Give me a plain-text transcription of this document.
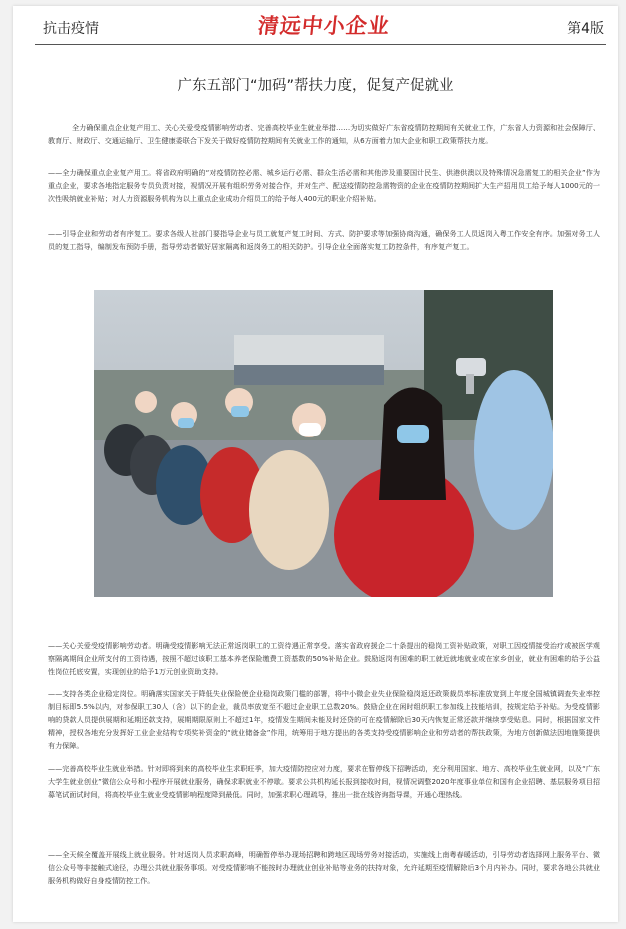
抗击疫情	清远中小企业	第4版
广东五部门“加码”帮扶力度，促复产促就业

全力确保重点企业复产用工、关心关爱受疫情影响劳动者、完善高校毕业生就业举措……为切实做好广东省疫情防控期间有关就业工作，广东省人力资源和社会保障厅、教育厅、财政厅、交通运输厅、卫生健康委联合下发关于做好疫情防控期间有关就业工作的通知，从6方面着力加大企业和职工政策帮扶力度。

——全力确保重点企业复产用工。将省政府明确的“对疫情防控必需、城乡运行必需、群众生活必需和其他涉及重要国计民生、供港供澳以及特殊情况急需复工的相关企业”作为重点企业，要求各地指定服务专员负责对接，视情况开展有组织劳务对接合作，并对生产、配送疫情防控急需物资的企业在疫情防控期间扩大生产招用员工给予每人1000元的一次性吸纳就业补贴；对人力资源服务机构为以上重点企业成功介绍员工的给予每人400元的职业介绍补贴。

——引导企业和劳动者有序复工。要求各级人社部门要指导企业与员工就复产复工时间、方式、防护要求等加强协商沟通，确保务工人员返岗入粤工作安全有序。加强对务工人员的复工指导，编制发布预防手册，指导劳动者做好居家隔离和返岗务工的相关防护。引导企业全面落实复工防控条件，有序复产复工。

——关心关爱受疫情影响劳动者。明确受疫情影响无法正常返岗职工的工资待遇正常享受。落实省政府援企二十条提出的稳岗工资补贴政策，对职工因疫情接受治疗或被医学观察隔离期间企业所支付的工资待遇，按照不超过该职工基本养老保险缴费工资基数的50%补贴企业。鼓励返岗有困难的职工就近就地就业或在家乡创业，就业有困难的给予公益性岗位托底安置，实现创业的给予1万元创业资助支持。

——支持各类企业稳定岗位。明确落实国家关于降低失业保险使企业稳岗政策门槛的部署，将中小微企业失业保险稳岗返还政策裁员率标准放宽到上年度全国城镇调查失业率控制目标即5.5%以内，对参保职工30人（含）以下的企业，裁员率放宽至不超过企业职工总数20%。鼓励企业在闲时组织职工参加线上技能培训，按规定给予补贴。为受疫情影响的贷款人员提供展期和延期还款支持，展期期限原则上不超过1年，疫情发生期间未能及时还贷的可在疫情解除后30天内恢复正常还款并继续享受贴息。同时，根据国家文件精神，授权各地充分发挥好工业企业结构专项奖补资金的“就业储备金”作用，统筹用于地方提出的各类支持受疫情影响企业和劳动者的帮扶政策，为地方创新做法因地施策提供有力保障。

——完善高校毕业生就业举措。针对即将到来的高校毕业生求职旺季，加大疫情防控应对力度，要求在暂停线下招聘活动，充分利用国家、地方、高校毕业生就业网，以及“广东大学生就业创业”微信公众号和小程序开展就业服务，确保求职就业不停歇。要求公共机构延长报到接收时间，视情况调整2020年度事业单位和国有企业招聘、基层服务项目招募笔试面试时间，将高校毕业生就业受疫情影响程度降到最低。同时，加强求职心理疏导，推出一批在线咨询指导课，开通心理热线。

——全天候全覆盖开展线上就业服务。针对返岗人员求职高峰，明确暂停举办现场招聘和跨地区现场劳务对接活动，实施线上南粤春暖活动，引导劳动者选择网上服务平台、微信公众号等非接触式途径，办理公共就业服务事项。对受疫情影响不能按时办理就业创业补贴等业务的扶持对象，允许延期至疫情解除后3个月内补办。同时，要求各地公共就业服务机构做好自身疫情防控工作。
